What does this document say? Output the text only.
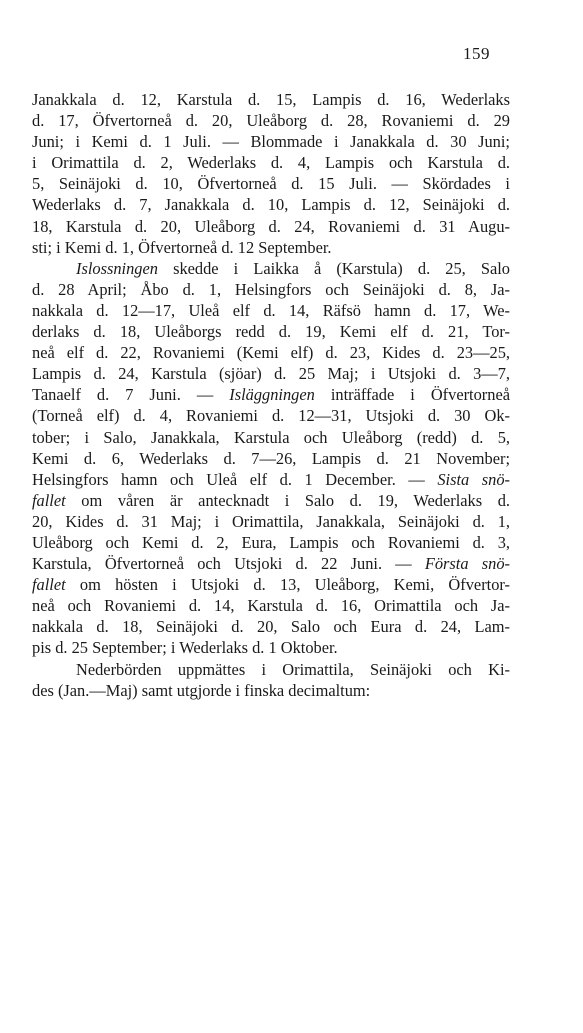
159
Janakkala d. 12, Karstula d. 15, Lampis d. 16, Wederlaks
d. 17, Öfvertorneå d. 20, Uleåborg d. 28, Rovaniemi d. 29
Juni; i Kemi d. 1 Juli. — Blommade i Janakkala d. 30 Juni;
i Orimattila d. 2, Wederlaks d. 4, Lampis och Karstula d.
5, Seinäjoki d. 10, Öfvertorneå d. 15 Juli. — Skördades i
Wederlaks d. 7, Janakkala d. 10, Lampis d. 12, Seinäjoki d.
18, Karstula d. 20, Uleåborg d. 24, Rovaniemi d. 31 Augu-
sti; i Kemi d. 1, Öfvertorneå d. 12 September.
Islossningen skedde i Laikka å (Karstula) d. 25, Salo
d. 28 April; Åbo d. 1, Helsingfors och Seinäjoki d. 8, Ja-
nakkala d. 12—17, Uleå elf d. 14, Räfsö hamn d. 17, We-
derlaks d. 18, Uleåborgs redd d. 19, Kemi elf d. 21, Tor-
neå elf d. 22, Rovaniemi (Kemi elf) d. 23, Kides d. 23—25,
Lampis d. 24, Karstula (sjöar) d. 25 Maj; i Utsjoki d. 3—7,
Tanaelf d. 7 Juni. — Isläggningen inträffade i Öfvertorneå
(Torneå elf) d. 4, Rovaniemi d. 12—31, Utsjoki d. 30 Ok-
tober; i Salo, Janakkala, Karstula och Uleåborg (redd) d. 5,
Kemi d. 6, Wederlaks d. 7—26, Lampis d. 21 November;
Helsingfors hamn och Uleå elf d. 1 December. — Sista snö-
fallet om våren är antecknadt i Salo d. 19, Wederlaks d.
20, Kides d. 31 Maj; i Orimattila, Janakkala, Seinäjoki d. 1,
Uleåborg och Kemi d. 2, Eura, Lampis och Rovaniemi d. 3,
Karstula, Öfvertorneå och Utsjoki d. 22 Juni. — Första snö-
fallet om hösten i Utsjoki d. 13, Uleåborg, Kemi, Öfvertor-
neå och Rovaniemi d. 14, Karstula d. 16, Orimattila och Ja-
nakkala d. 18, Seinäjoki d. 20, Salo och Eura d. 24, Lam-
pis d. 25 September; i Wederlaks d. 1 Oktober.
Nederbörden uppmättes i Orimattila, Seinäjoki och Ki-
des (Jan.—Maj) samt utgjorde i finska decimaltum:
